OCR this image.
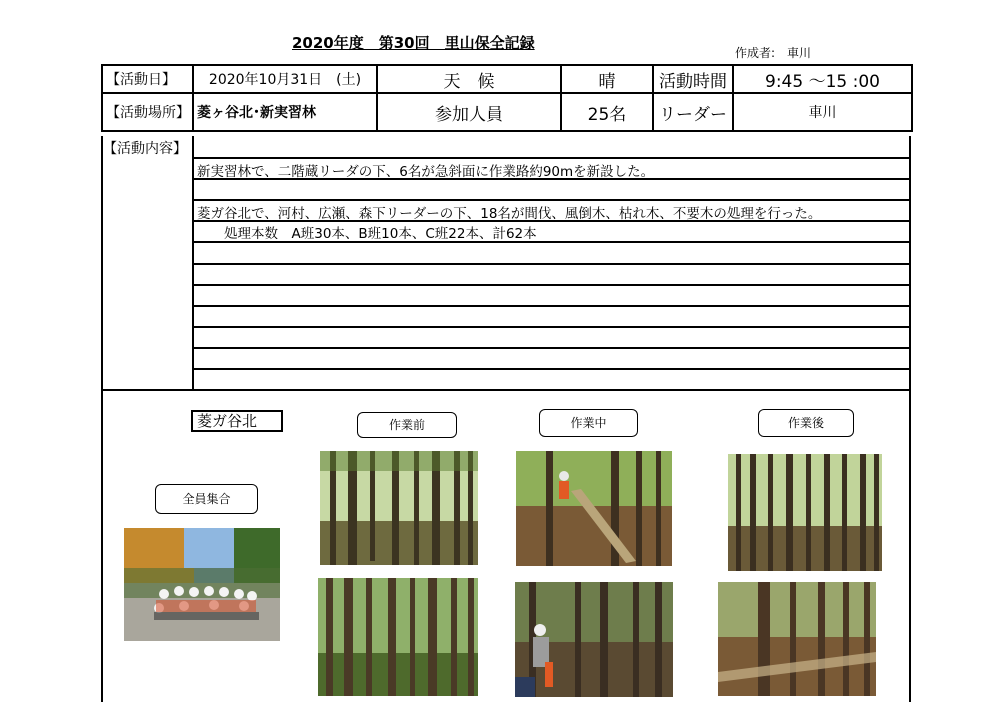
2020年度　第30回　里山保全記録
作成者:　車川
【活動日】	2020年10月31日　(土)	天　候	晴	活動時間	9:45 ～15 :00
【活動場所】	菱ヶ谷北･新実習林	参加人員	25名	リーダー	車川
【活動内容】
新実習林で、二階蔵リーダの下、6名が急斜面に作業路約90mを新設した。
菱ガ谷北で、河村、広瀬、森下リーダーの下、18名が間伐、風倒木、枯れ木、不要木の処理を行った。
　　処理本数　A班30本、B班10本、C班22本、計62本
菱ガ谷北	作業前	作業中	作業後
全員集合
